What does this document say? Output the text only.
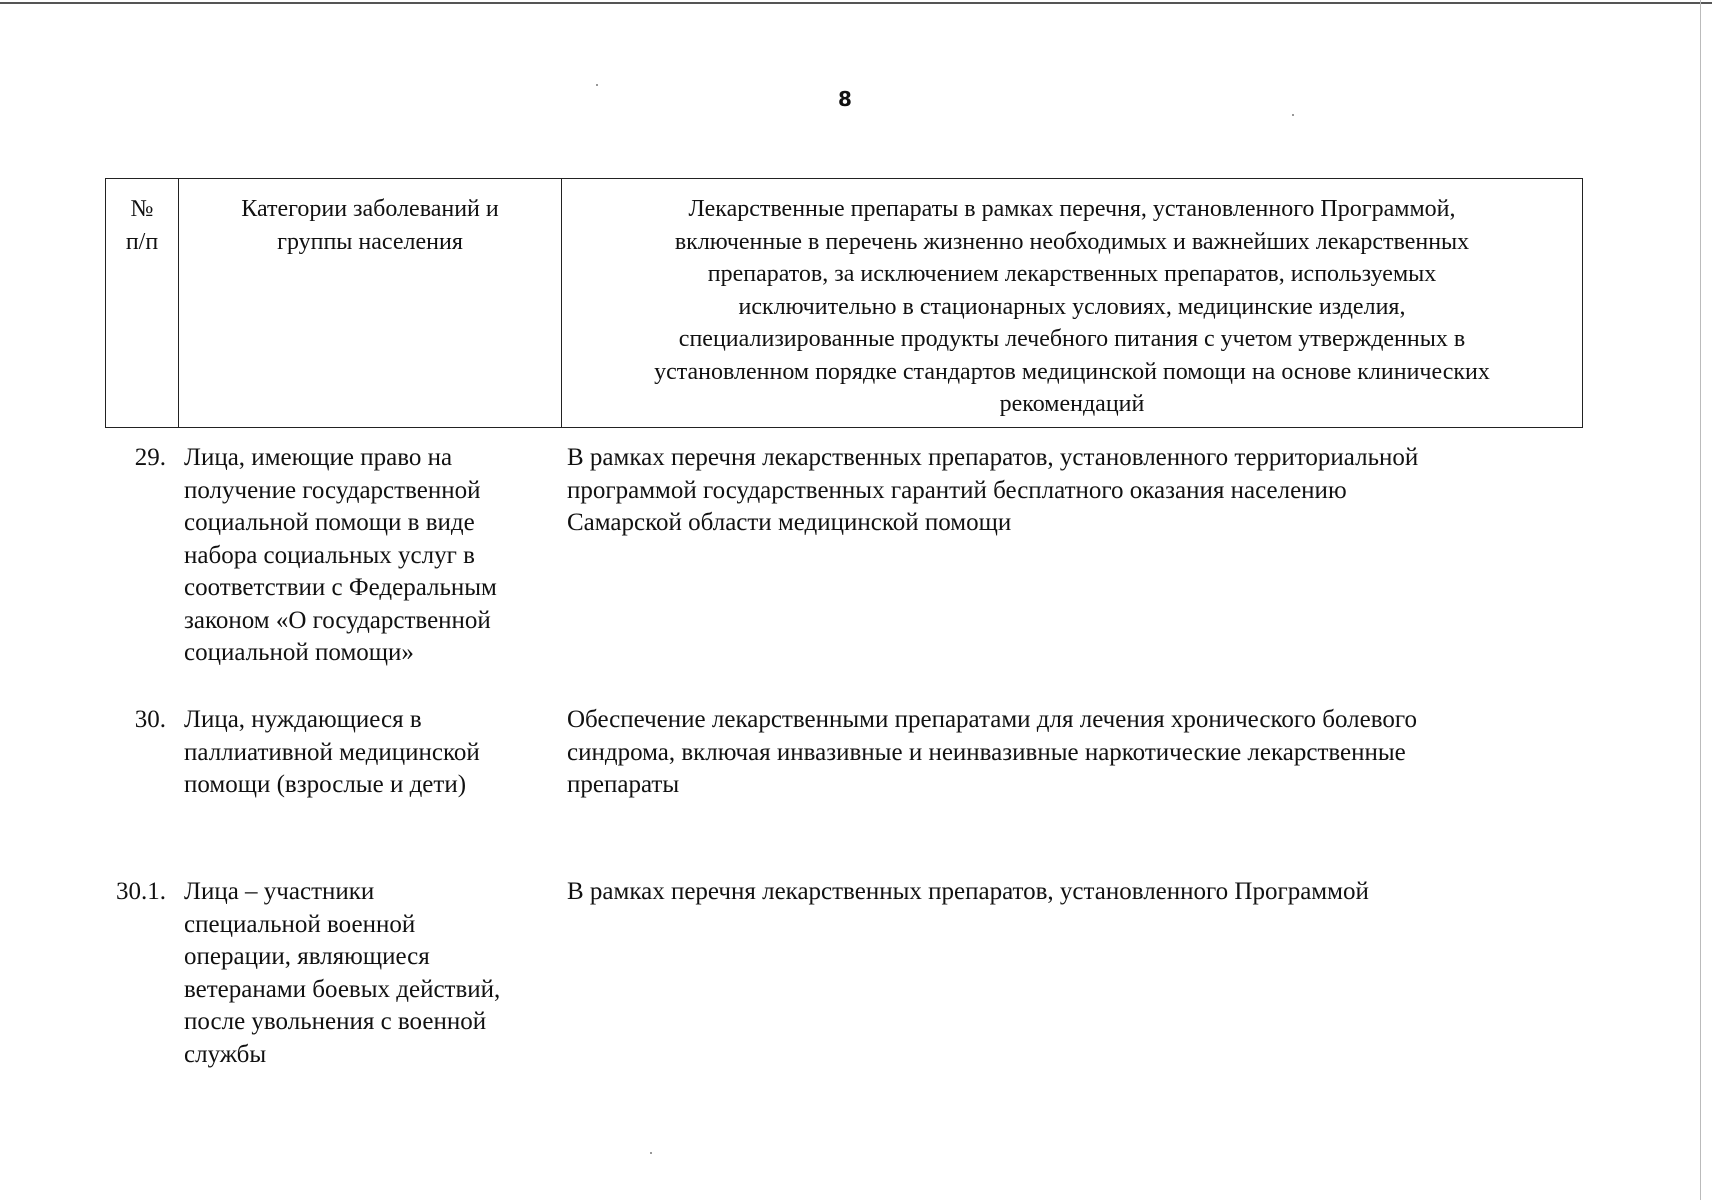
8
№
п/п
Категории заболеваний и
группы населения
Лекарственные препараты в рамках перечня, установленного Программой,
включенные в перечень жизненно необходимых и важнейших лекарственных
препаратов, за исключением лекарственных препаратов, используемых
исключительно в стационарных условиях, медицинские изделия,
специализированные продукты лечебного питания с учетом утвержденных в
установленном порядке стандартов медицинской помощи на основе клинических
рекомендаций
29. Лица, имеющие право на
получение государственной
социальной помощи в виде
набора социальных услуг в
соответствии с Федеральным
законом «О государственной
социальной помощи»
В рамках перечня лекарственных препаратов, установленного территориальной
программой государственных гарантий бесплатного оказания населению
Самарской области медицинской помощи
30. Лица, нуждающиеся в
паллиативной медицинской
помощи (взрослые и дети)
Обеспечение лекарственными препаратами для лечения хронического болевого
синдрома, включая инвазивные и неинвазивные наркотические лекарственные
препараты
30.1. Лица – участники
специальной военной
операции, являющиеся
ветеранами боевых действий,
после увольнения с военной
службы
В рамках перечня лекарственных препаратов, установленного Программой
